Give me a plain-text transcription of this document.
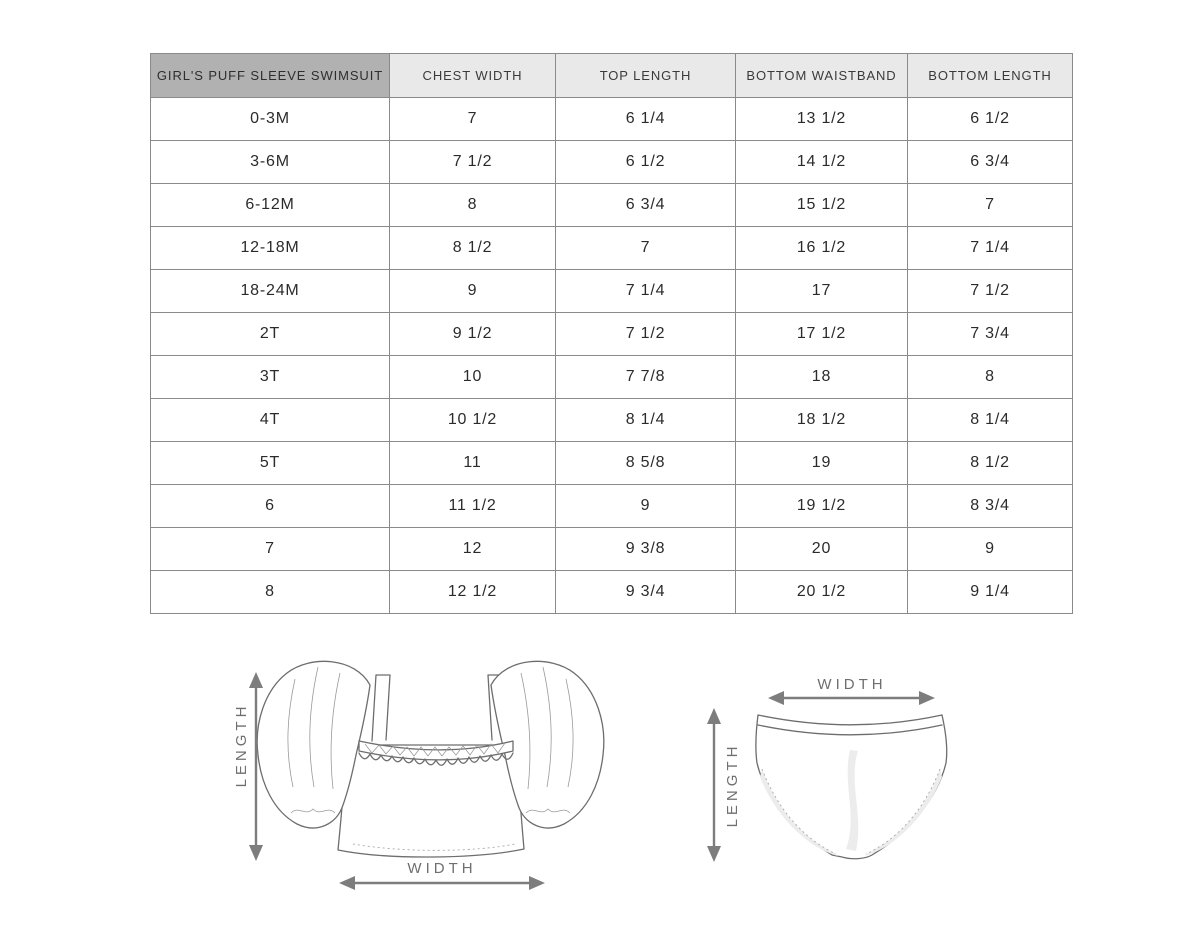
GIRL'S PUFF SLEEVE SWIMSUIT	CHEST WIDTH	TOP LENGTH	BOTTOM WAISTBAND	BOTTOM LENGTH
0-3M	7	6 1/4	13 1/2	6 1/2
3-6M	7 1/2	6 1/2	14 1/2	6 3/4
6-12M	8	6 3/4	15 1/2	7
12-18M	8 1/2	7	16 1/2	7 1/4
18-24M	9	7 1/4	17	7 1/2
2T	9 1/2	7 1/2	17 1/2	7 3/4
3T	10	7 7/8	18	8
4T	10 1/2	8 1/4	18 1/2	8 1/4
5T	11	8 5/8	19	8 1/2
6	11 1/2	9	19 1/2	8 3/4
7	12	9 3/8	20	9
8	12 1/2	9 3/4	20 1/2	9 1/4
LENGTH
WIDTH
WIDTH
LENGTH
